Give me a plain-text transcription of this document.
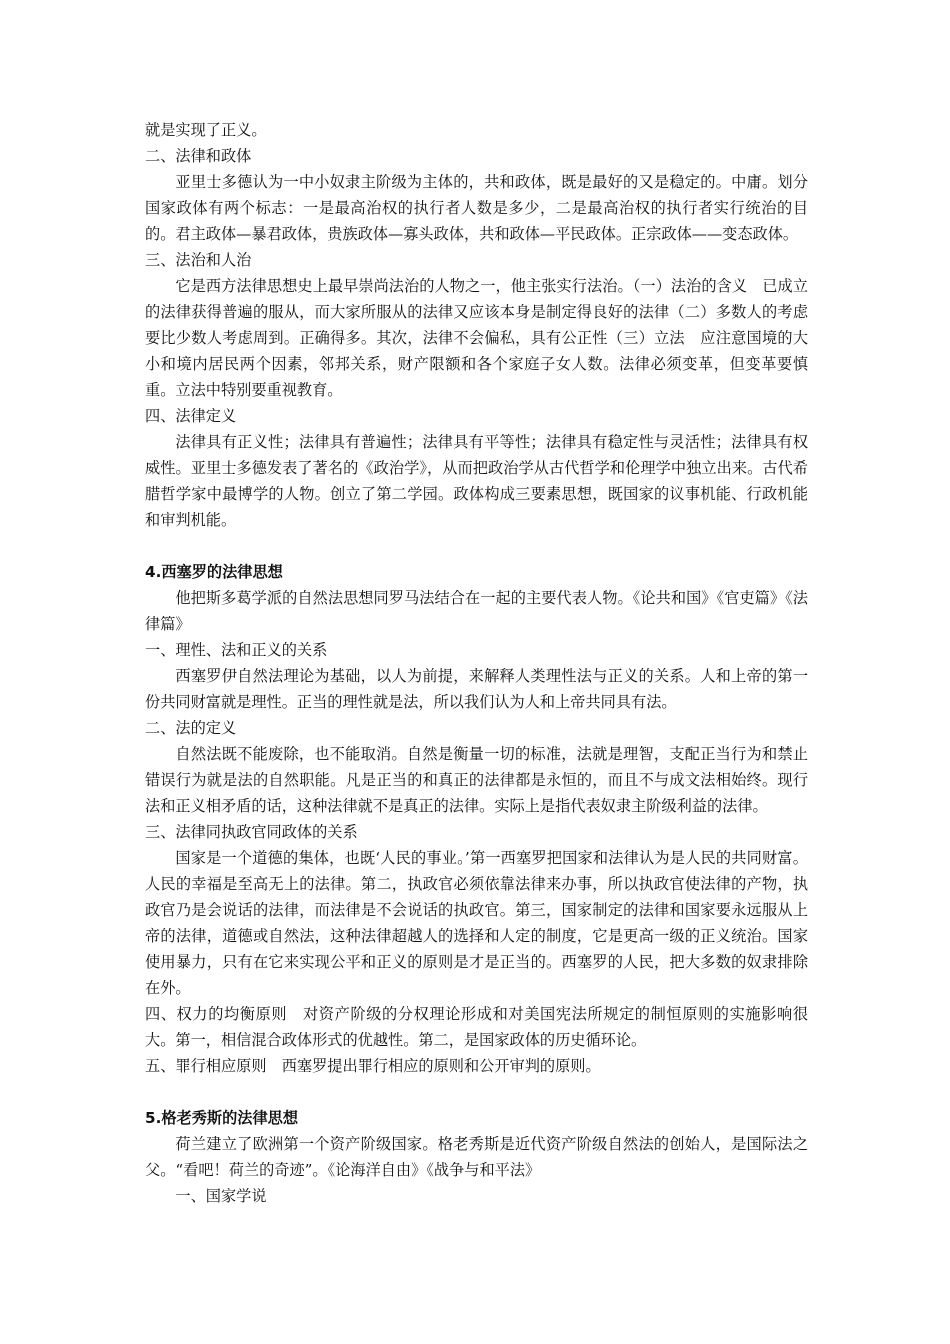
就是实现了正义。

二、法律和政体

亚里士多德认为一中小奴隶主阶级为主体的，共和政体，既是最好的又是稳定的。中庸。划分国家政体有两个标志：一是最高治权的执行者人数是多少，二是最高治权的执行者实行统治的目的。君主政体—暴君政体，贵族政体—寡头政体，共和政体—平民政体。正宗政体——变态政体。

三、法治和人治

它是西方法律思想史上最早崇尚法治的人物之一，他主张实行法治。（一）法治的含义　已成立的法律获得普遍的服从，而大家所服从的法律又应该本身是制定得良好的法律（二）多数人的考虑要比少数人考虑周到。正确得多。其次，法律不会偏私，具有公正性（三）立法　应注意国境的大小和境内居民两个因素，邻邦关系，财产限额和各个家庭子女人数。法律必须变革，但变革要慎重。立法中特别要重视教育。

四、法律定义

法律具有正义性；法律具有普遍性；法律具有平等性；法律具有稳定性与灵活性；法律具有权威性。亚里士多德发表了著名的《政治学》，从而把政治学从古代哲学和伦理学中独立出来。古代希腊哲学家中最博学的人物。创立了第二学园。政体构成三要素思想，既国家的议事机能、行政机能和审判机能。

4.西塞罗的法律思想

他把斯多葛学派的自然法思想同罗马法结合在一起的主要代表人物。《论共和国》《官吏篇》《法律篇》

一、理性、法和正义的关系

西塞罗伊自然法理论为基础，以人为前提，来解释人类理性法与正义的关系。人和上帝的第一份共同财富就是理性。正当的理性就是法，所以我们认为人和上帝共同具有法。

二、法的定义

自然法既不能废除，也不能取消。自然是衡量一切的标准，法就是理智，支配正当行为和禁止错误行为就是法的自然职能。凡是正当的和真正的法律都是永恒的，而且不与成文法相始终。现行法和正义相矛盾的话，这种法律就不是真正的法律。实际上是指代表奴隶主阶级利益的法律。

三、法律同执政官同政体的关系

国家是一个道德的集体，也既‘人民的事业。’第一西塞罗把国家和法律认为是人民的共同财富。人民的幸福是至高无上的法律。第二，执政官必须依靠法律来办事，所以执政官使法律的产物，执政官乃是会说话的法律，而法律是不会说话的执政官。第三，国家制定的法律和国家要永远服从上帝的法律，道德或自然法，这种法律超越人的选择和人定的制度，它是更高一级的正义统治。国家使用暴力，只有在它来实现公平和正义的原则是才是正当的。西塞罗的人民，把大多数的奴隶排除在外。

四、权力的均衡原则　对资产阶级的分权理论形成和对美国宪法所规定的制恒原则的实施影响很大。第一，相信混合政体形式的优越性。第二，是国家政体的历史循环论。

五、罪行相应原则　西塞罗提出罪行相应的原则和公开审判的原则。

5.格老秀斯的法律思想

荷兰建立了欧洲第一个资产阶级国家。格老秀斯是近代资产阶级自然法的创始人，是国际法之父。“看吧！荷兰的奇迹”。《论海洋自由》《战争与和平法》

一、国家学说
